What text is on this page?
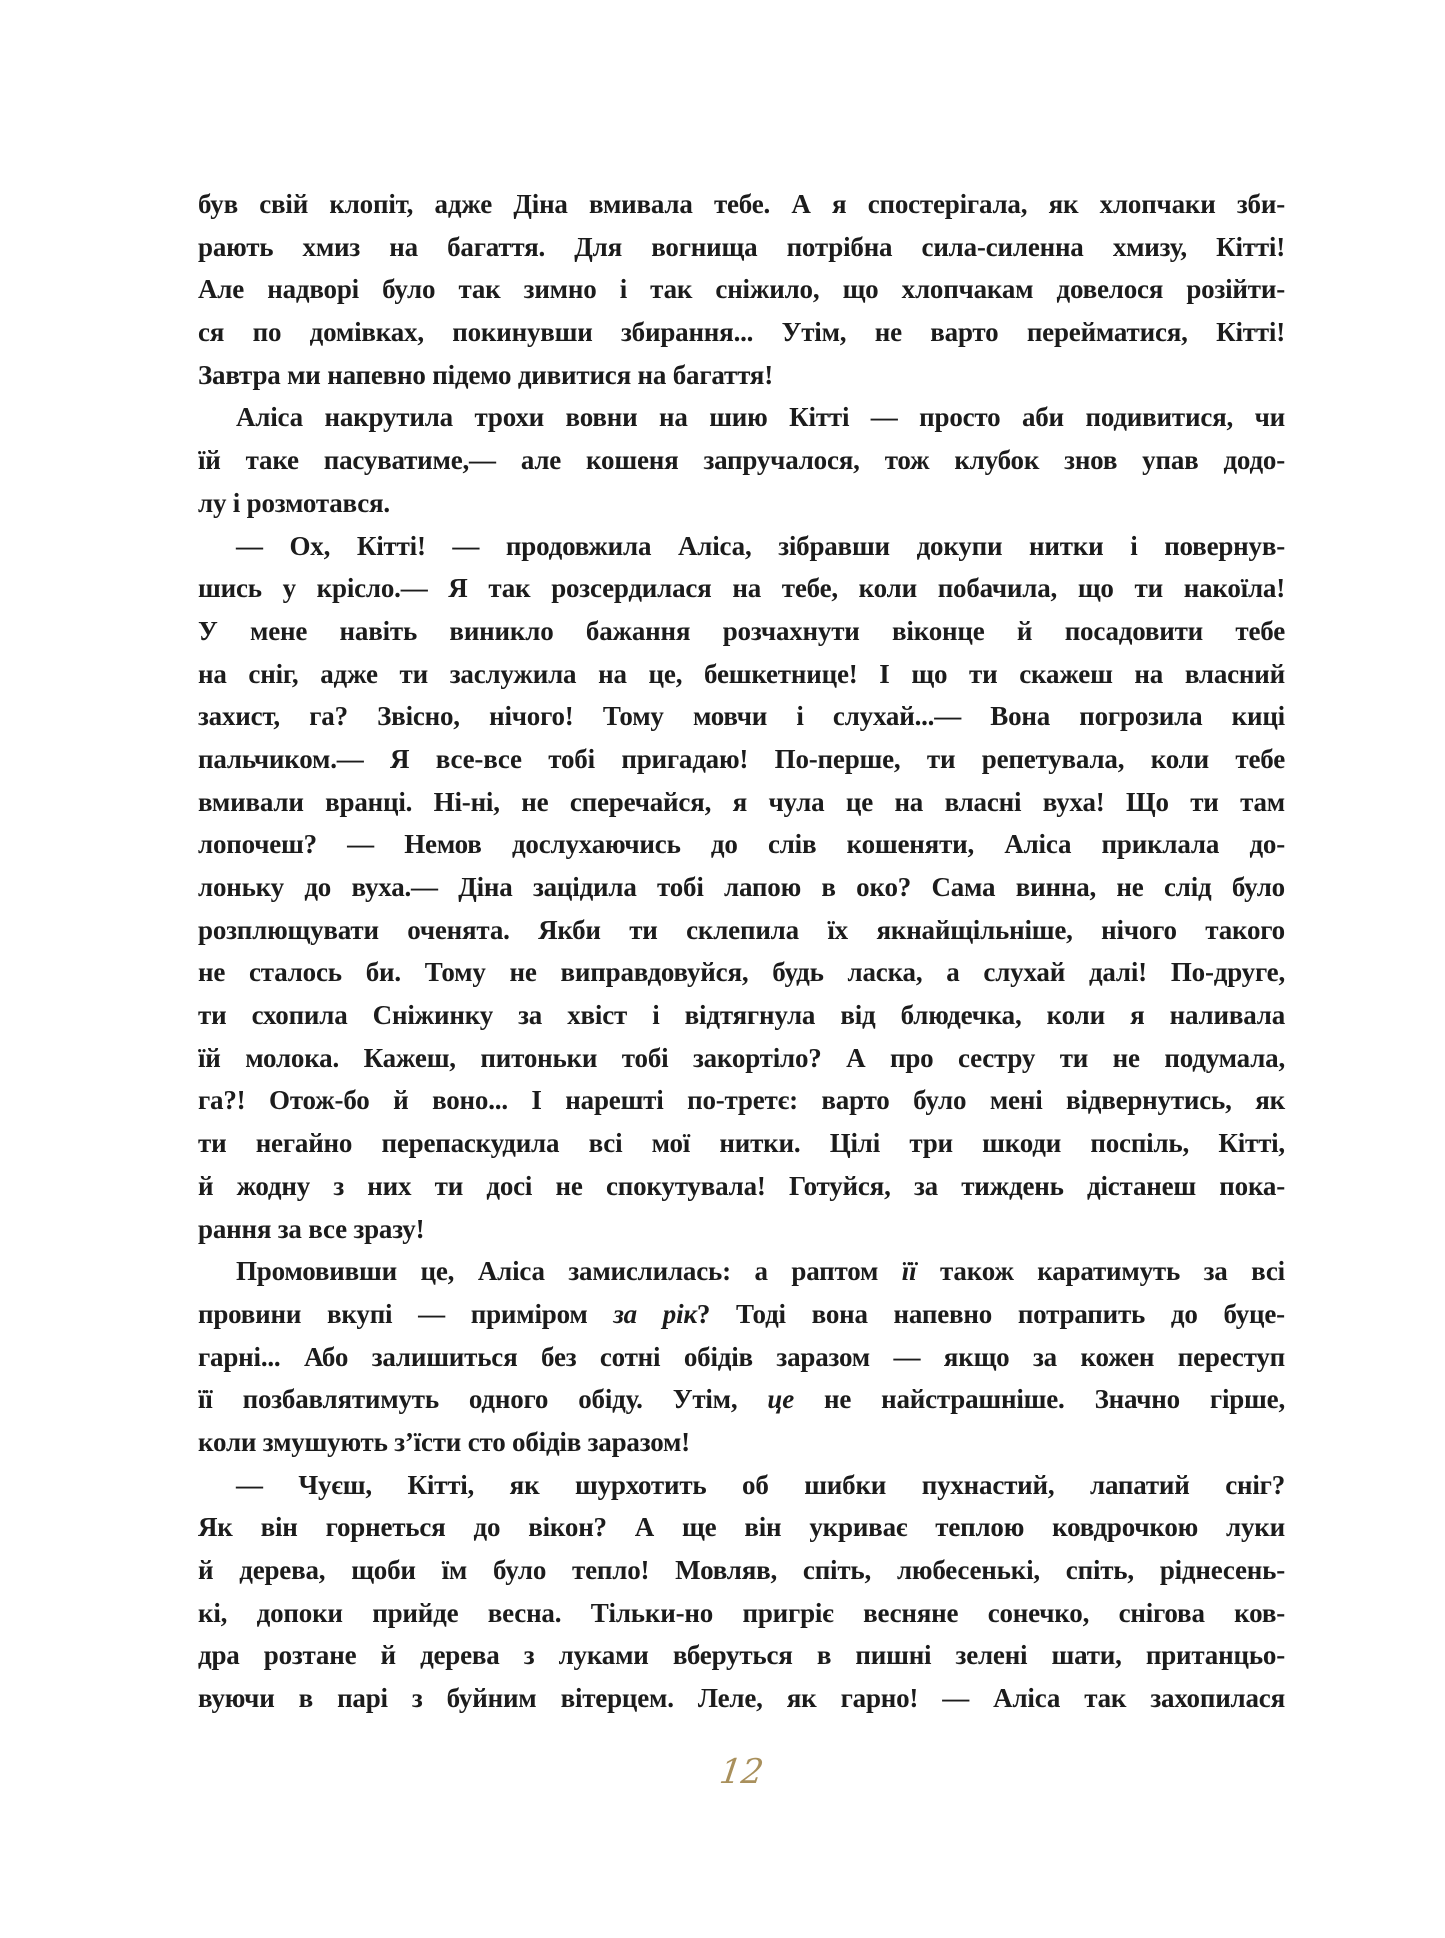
був свій клопіт, адже Діна вмивала тебе. А я спостерігала, як хлопчаки зби-
рають хмиз на багаття. Для вогнища потрібна сила-силенна хмизу, Кітті!
Але надворі було так зимно і так сніжило, що хлопчакам довелося розійти-
ся по домівках, покинувши збирання... Утім, не варто перейматися, Кітті!
Завтра ми напевно підемо дивитися на багаття!
Аліса накрутила трохи вовни на шию Кітті — просто аби подивитися, чи
їй таке пасуватиме,— але кошеня запручалося, тож клубок знов упав додо-
лу і розмотався.
— Ох, Кітті! — продовжила Аліса, зібравши докупи нитки і повернув-
шись у крісло.— Я так розсердилася на тебе, коли побачила, що ти накоїла!
У мене навіть виникло бажання розчахнути віконце й посадовити тебе
на сніг, адже ти заслужила на це, бешкетнице! І що ти скажеш на власний
захист, га? Звісно, нічого! Тому мовчи і слухай...— Вона погрозила киці
пальчиком.— Я все-все тобі пригадаю! По-перше, ти репетувала, коли тебе
вмивали вранці. Ні-ні, не сперечайся, я чула це на власні вуха! Що ти там
лопочеш? — Немов дослухаючись до слів кошеняти, Аліса приклала до-
лоньку до вуха.— Діна зацідила тобі лапою в око? Сама винна, не слід було
розплющувати оченята. Якби ти склепила їх якнайщільніше, нічого такого
не сталось би. Тому не виправдовуйся, будь ласка, а слухай далі! По-друге,
ти схопила Сніжинку за хвіст і відтягнула від блюдечка, коли я наливала
їй молока. Кажеш, питоньки тобі закортіло? А про сестру ти не подумала,
га?! Отож-бо й воно... І нарешті по-третє: варто було мені відвернутись, як
ти негайно перепаскудила всі мої нитки. Цілі три шкоди поспіль, Кітті,
й жодну з них ти досі не спокутувала! Готуйся, за тиждень дістанеш пока-
рання за все зразу!
Промовивши це, Аліса замислилась: а раптом її також каратимуть за всі
провини вкупі — приміром за рік? Тоді вона напевно потрапить до буце-
гарні... Або залишиться без сотні обідів заразом — якщо за кожен переступ
її позбавлятимуть одного обіду. Утім, це не найстрашніше. Значно гірше,
коли змушують з’їсти сто обідів заразом!
— Чуєш, Кітті, як шурхотить об шибки пухнастий, лапатий сніг?
Як він горнеться до вікон? А ще він укриває теплою ковдрочкою луки
й дерева, щоби їм було тепло! Мовляв, спіть, любесенькі, спіть, ріднесень-
кі, допоки прийде весна. Тільки-но пригріє весняне сонечко, снігова ков-
дра розтане й дерева з луками вберуться в пишні зелені шати, пританцьо-
вуючи в парі з буйним вітерцем. Леле, як гарно! — Аліса так захопилася
12
